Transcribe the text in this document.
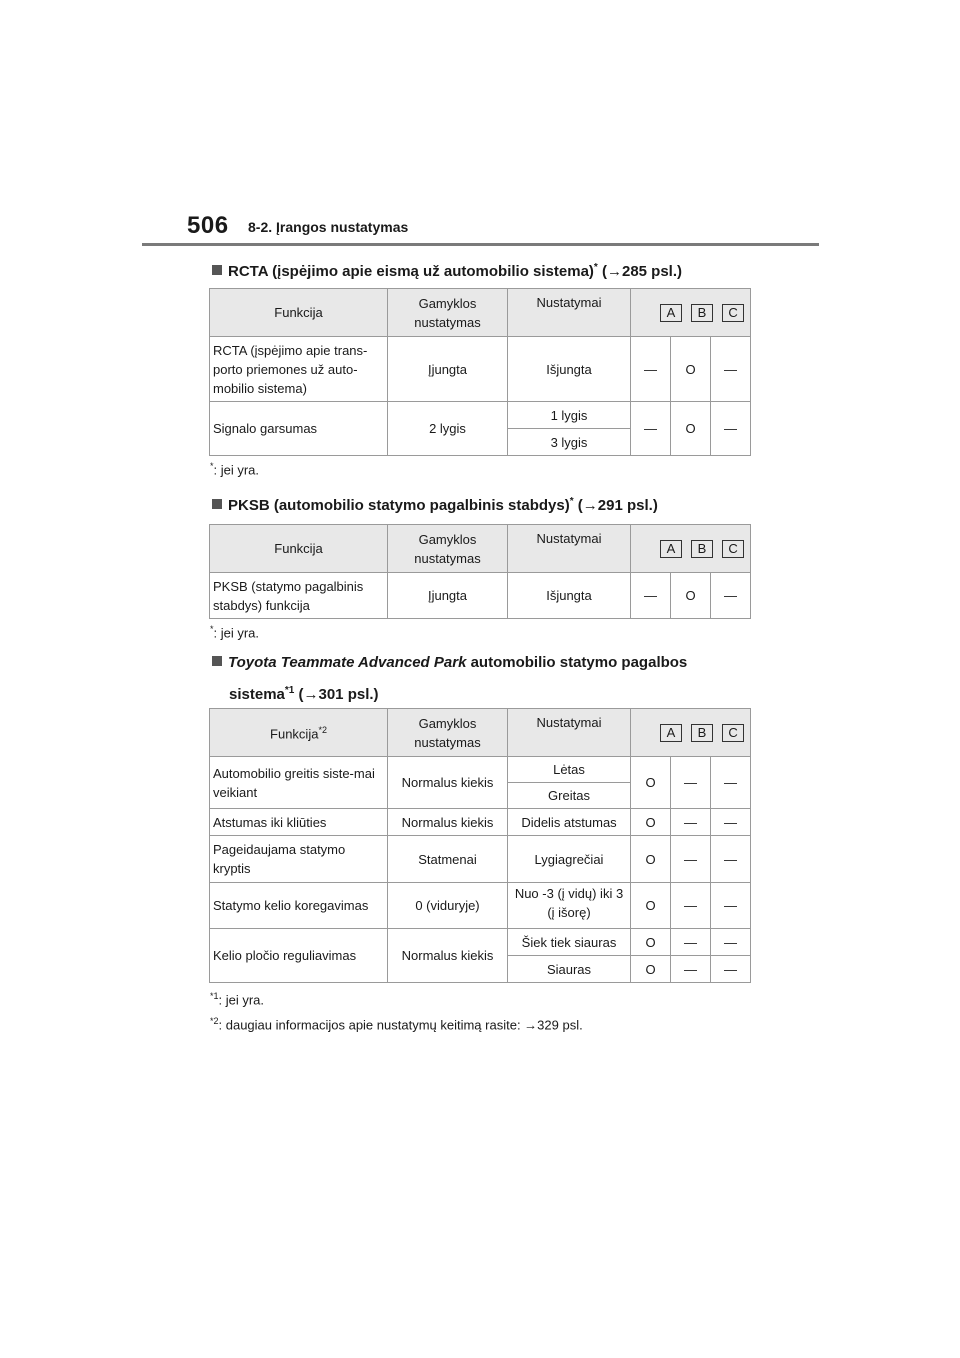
506 8-2. Įrangos nustatymas
RCTA (įspėjimo apie eismą už automobilio sistema)* (→285 psl.)
Funkcija	Gamyklos nustatymas	Nustatymai	A B C		
RCTA (įspėjimo apie trans-porto priemones už auto-mobilio sistema)	Įjungta	Išjungta	—	O	—
Signalo garsumas	2 lygis	1 lygis	—	O	—
		3 lygis			
*: jei yra.
PKSB (automobilio statymo pagalbinis stabdys)* (→291 psl.)
Funkcija	Gamyklos nustatymas	Nustatymai	A B C		
PKSB (statymo pagalbinis stabdys) funkcija	Įjungta	Išjungta	—	O	—
*: jei yra.
Toyota Teammate Advanced Park automobilio statymo pagalbos
sistema$^{*1}$ (→301 psl.)
Funkcija$^{*2}$	Gamyklos nustatymas	Nustatymai	A B C		
Automobilio greitis siste-mai veikiant	Normalus kiekis	Lėtas	O	—	—
		Greitas			
Atstumas iki kliūties	Normalus kiekis	Didelis atstumas	O	—	—
Pageidaujama statymo kryptis	Statmenai	Lygiagrečiai	O	—	—
Statymo kelio koregavimas	0 (viduryje)	Nuo -3 (į vidų) iki 3 (į išorę)	O	—	—
Kelio pločio reguliavimas	Normalus kiekis	Šiek tiek siauras	O	—	—
		Siauras	O	—	—
$^{*1}$: jei yra.
$^{*2}$: daugiau informacijos apie nustatymų keitimą rasite: →329 psl.
